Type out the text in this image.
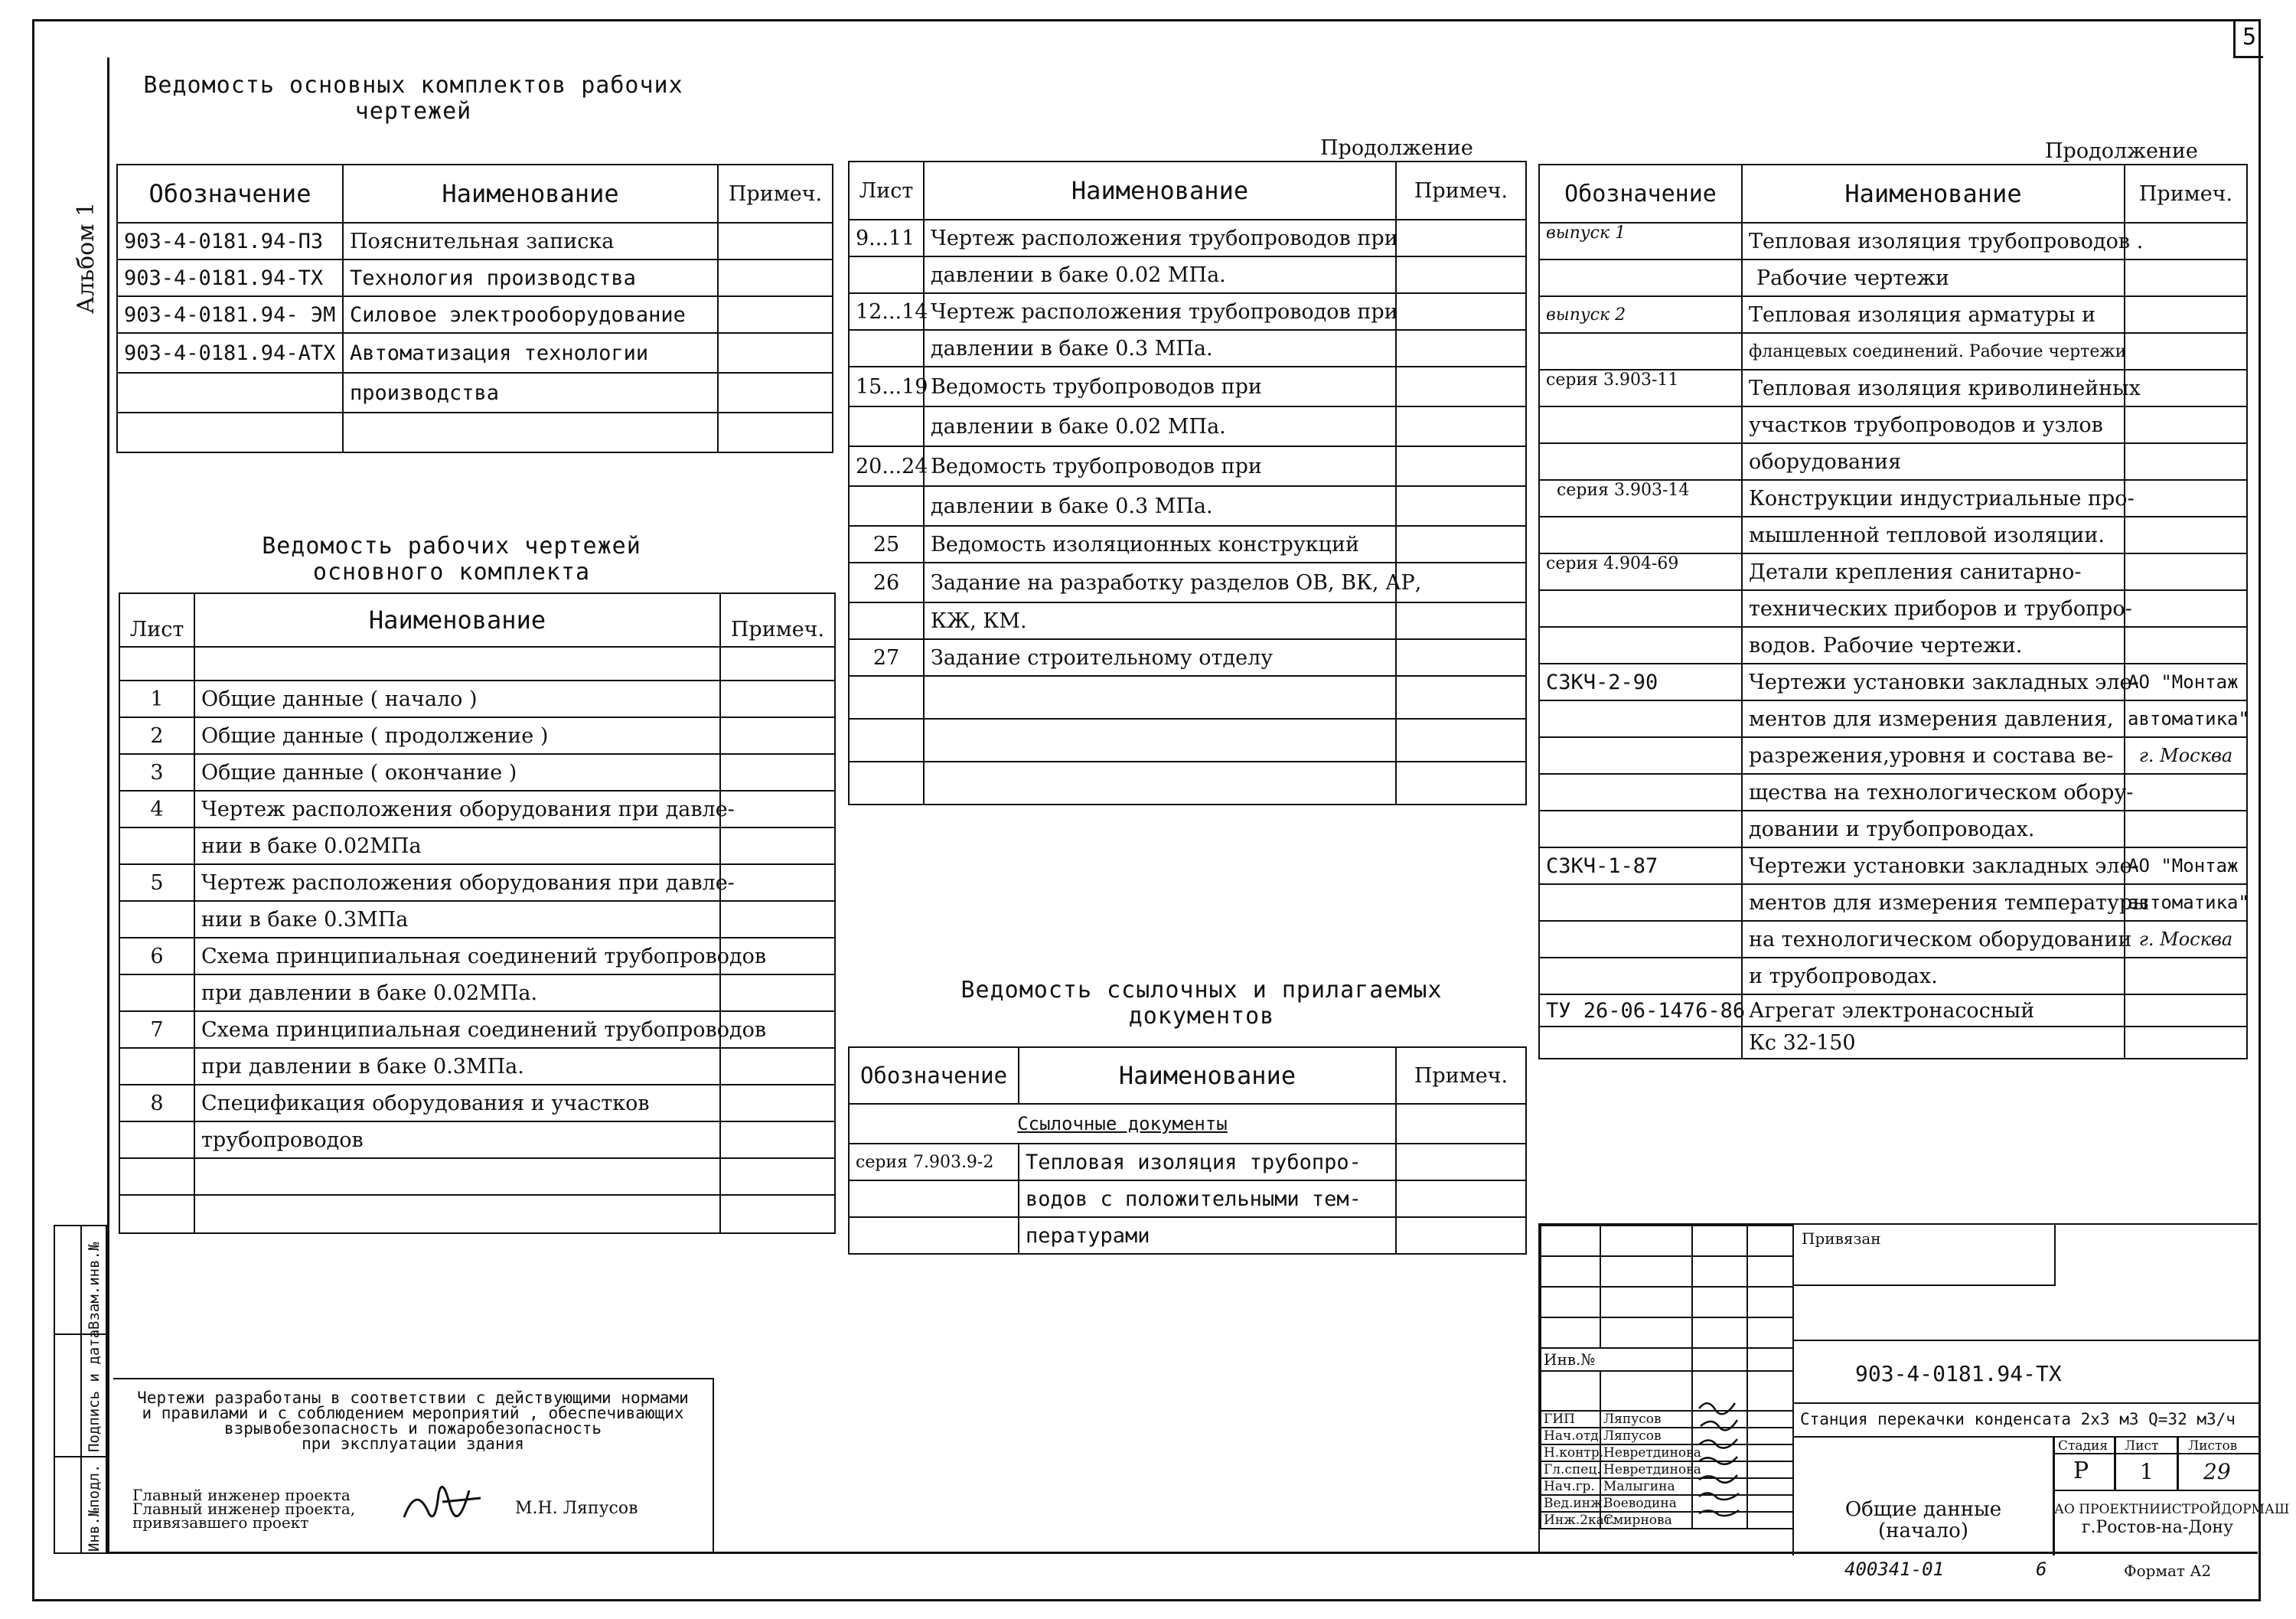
5
Альбом 1
Инв.№подл.
Подпись и дата
Взам.инв.№
Ведомость основных комплектов рабочих
чертежей
Обозначение	Наименование	Примеч.
903-4-0181.94-ПЗ	Пояснительная записка	
903-4-0181.94-ТХ	Технология производства	
903-4-0181.94- ЭМ	Силовое электрооборудование	
903-4-0181.94-АТХ	Автоматизация технологии	
	производства	

Ведомость рабочих чертежей
основного комплекта
Лист	Наименование	Примеч.

1	Общие данные ( начало )	
2	Общие данные ( продолжение )	
3	Общие данные ( окончание )	
4	Чертеж расположения оборудования при давле-	
	нии в баке 0.02МПа	
5	Чертеж расположения оборудования при давле-	
	нии в баке 0.3МПа	
6	Схема принципиальная соединений трубопроводов	
	при давлении в баке 0.02МПа.	
7	Схема принципиальная соединений трубопроводов	
	при давлении в баке 0.3МПа.	
8	Спецификация оборудования и участков	
	трубопроводов	

Продолжение
Лист	Наименование	Примеч.
9...11	Чертеж расположения трубопроводов при	
	давлении в баке 0.02 МПа.	
12...14	Чертеж расположения трубопроводов при	
	давлении в баке 0.3 МПа.	
15...19	Ведомость трубопроводов при	
	давлении в баке 0.02 МПа.	
20...24	Ведомость трубопроводов при	
	давлении в баке 0.3 МПа.	
25	Ведомость изоляционных конструкций	
26	Задание на разработку разделов ОВ, ВК, АР,	
	КЖ, КМ.	
27	Задание строительному отделу	

Ведомость ссылочных и прилагаемых
документов
Обозначение	Наименование	Примеч.
Ссылочные документы		
серия 7.903.9-2	Тепловая изоляция трубопро-	
	водов с положительными тем-	
	пературами	
Продолжение
Обозначение	Наименование	Примеч.
выпуск 1	Тепловая изоляция трубопроводов .	
	Рабочие чертежи	
выпуск 2	Тепловая изоляция арматуры и	
	фланцевых соединений. Рабочие чертежи	
серия 3.903-11	Тепловая изоляция криволинейных	
	участков трубопроводов и узлов	
	оборудования	
серия 3.903-14	Конструкции индустриальные про-	
	мышленной тепловой изоляции.	
серия 4.904-69	Детали крепления санитарно-	
	технических приборов и трубопро-	
	водов. Рабочие чертежи.	
СЗКЧ-2-90	Чертежи установки закладных эле-	АО "Монтаж
	ментов для измерения давления,	автоматика"
	разрежения,уровня и состава ве-	г. Москва
	щества на технологическом обору-	
	довании и трубопроводах.	
СЗКЧ-1-87	Чертежи установки закладных эле-	АО "Монтаж
	ментов для измерения температуры	автоматика"
	на технологическом оборудовании	г. Москва
	и трубопроводах.	
ТУ 26-06-1476-86	Агрегат электронасосный	
	Кс 32-150	
Чертежи разработаны в соответствии с действующими нормами
и правилами и с соблюдением мероприятий , обеспечивающих
взрывобезопасность и пожаробезопасность
при эксплуатации здания
Главный инженер проекта
Главный инженер проекта,
привязавшего проект
М.Н. Ляпусов

Инв.№			

ГИП	Ляпусов		
Нач.отд.	Ляпусов		
Н.контр.	Невретдинова		
Гл.спец.	Невретдинова		
Нач.гр.	Малыгина		
Вед.инж.	Воеводина		
Инж.2кат.	Смирнова		
Привязан
903-4-0181.94-ТХ
Станция перекачки конденсата 2х3 м3 Q=32 м3/ч
Стадия Лист Листов
Р 1 29
Общие данные
(начало)
АО ПРОЕКТНИИСТРОЙДОРМАШ
г.Ростов-на-Дону
400341-01	6	Формат А2
